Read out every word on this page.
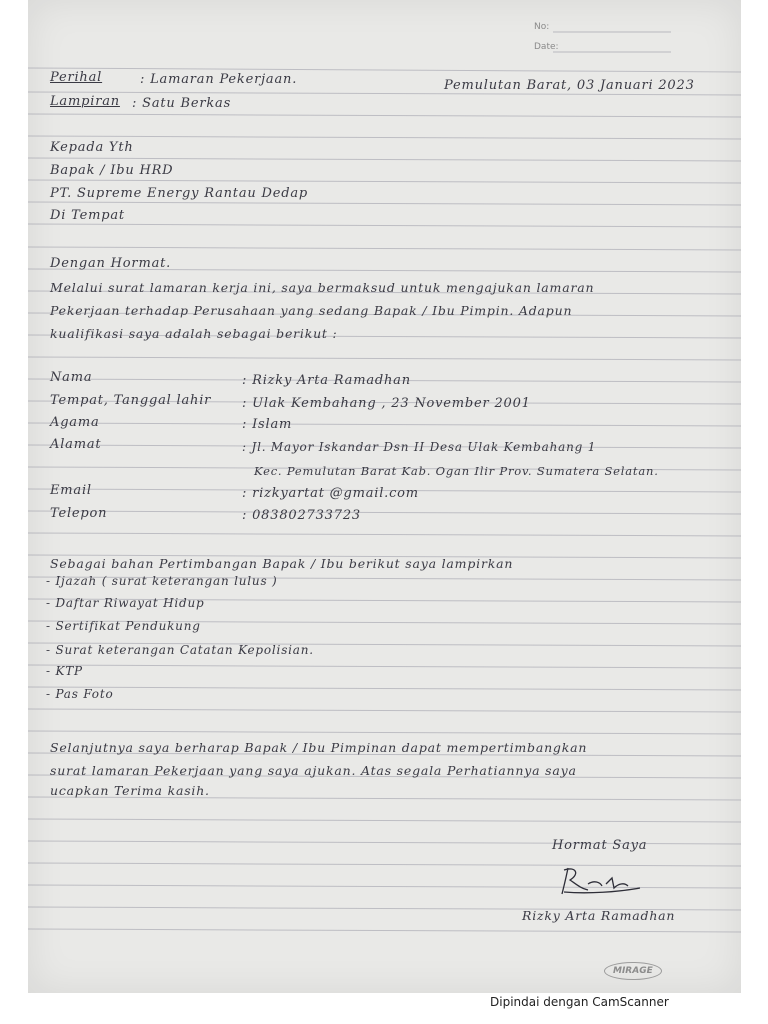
No:
Date:
Perihal	: Lamaran Pekerjaan.	Pemulutan Barat, 03 Januari 2023
Lampiran : Satu Berkas
Kepada Yth
Bapak / Ibu HRD
PT. Supreme Energy Rantau Dedap
Di Tempat
Dengan Hormat.
Melalui surat lamaran kerja ini, saya bermaksud untuk mengajukan lamaran
Pekerjaan terhadap Perusahaan yang sedang Bapak / Ibu Pimpin. Adapun
kualifikasi saya adalah sebagai berikut :
Nama	: Rizky Arta Ramadhan
Tempat, Tanggal lahir : Ulak Kembahang , 23 November 2001
Agama	: Islam
Alamat	: Jl. Mayor Iskandar Dsn II Desa Ulak Kembahang 1
Kec. Pemulutan Barat Kab. Ogan Ilir Prov. Sumatera Selatan.
Email	: rizkyartat @gmail.com
Telepon	: 083802733723
Sebagai bahan Pertimbangan Bapak / Ibu berikut saya lampirkan
- Ijazah ( surat keterangan lulus )
- Daftar Riwayat Hidup
- Sertifikat Pendukung
- Surat keterangan Catatan Kepolisian.
- KTP
- Pas Foto
Selanjutnya saya berharap Bapak / Ibu Pimpinan dapat mempertimbangkan
surat lamaran Pekerjaan yang saya ajukan. Atas segala Perhatiannya saya
ucapkan Terima kasih.
Hormat Saya
Rizky Arta Ramadhan
MIRAGE
Dipindai dengan CamScanner
